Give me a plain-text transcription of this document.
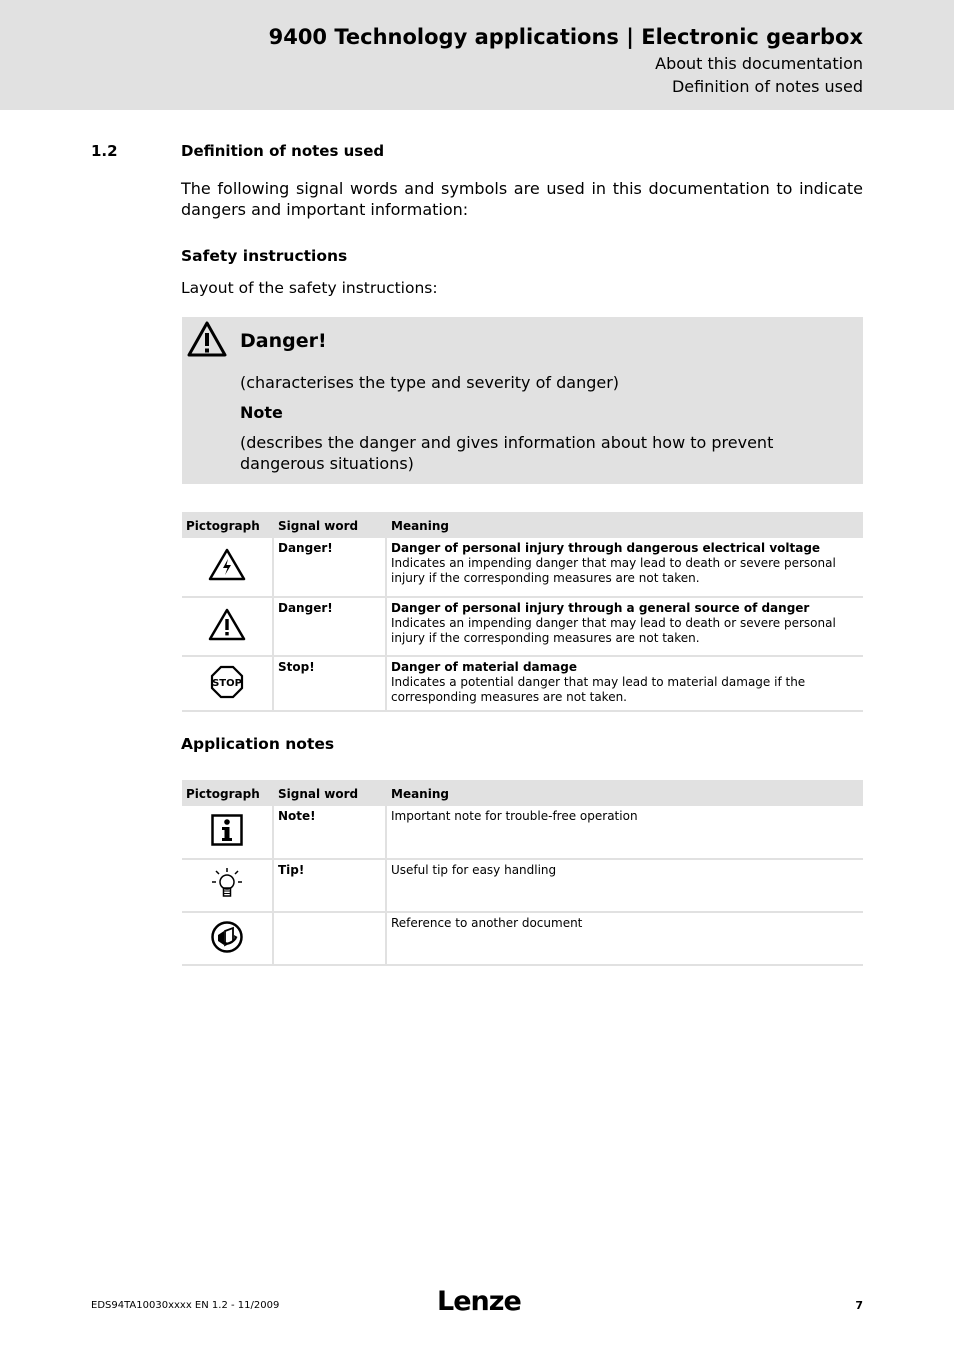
9400 Technology applications | Electronic gearbox
About this documentation
Definition of notes used
1.2	Definition of notes used
The following signal words and symbols are used in this documentation to indicate dangers and important information:
Safety instructions
Layout of the safety instructions:
Danger!
(characterises the type and severity of danger)
Note
(describes the danger and gives information about how to prevent dangerous situations)
Pictograph	Signal word	Meaning
	Danger!	Danger of personal injury through dangerous electrical voltage
Indicates an impending danger that may lead to death or severe personal injury if the corresponding measures are not taken.

	Danger!	Danger of personal injury through a general source of danger
Indicates an impending danger that may lead to death or severe personal injury if the corresponding measures are not taken.

STOP	Stop!	Danger of material damage
Indicates a potential danger that may lead to material damage if the corresponding measures are not taken.
Application notes
Pictograph	Signal word	Meaning
	Note!	Important note for trouble-free operation
	Tip!	Useful tip for easy handling
		Reference to another document
EDS94TA10030xxxx EN 1.2 - 11/2009	Lenze	7
